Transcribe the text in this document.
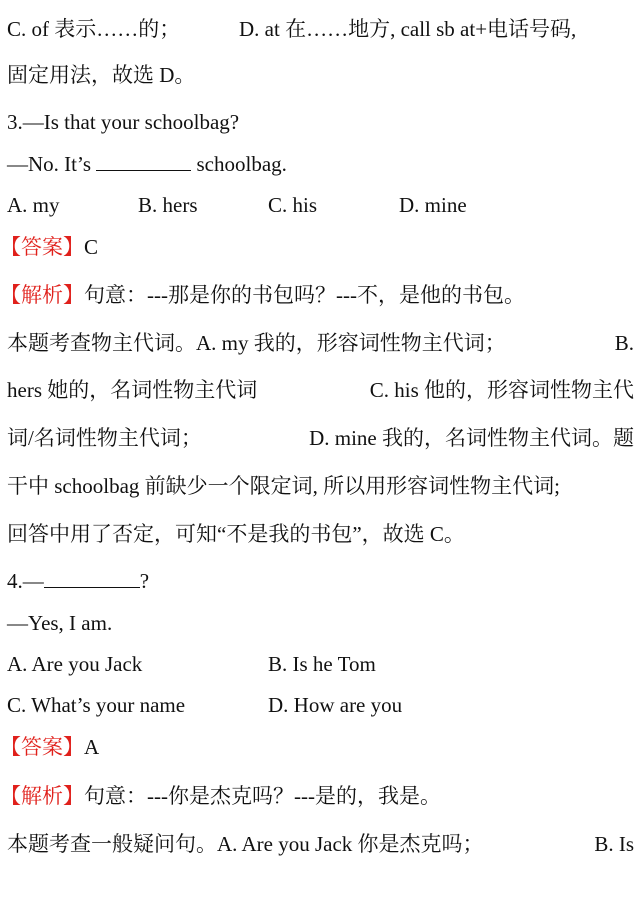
C. of 表示……的；	D. at 在……地方, call sb at+电话号码,
固定用法，故选 D。
3.—Is that your schoolbag?
—No. It’s	schoolbag.
A. my	B. hers	C. his	D. mine
【答案】C
【解析】句意：---那是你的书包吗？---不，是他的书包。
本题考查物主代词。A. my 我的，形容词性物主代词；	B.
hers 她的，名词性物主代词	C. his 他的，形容词性物主代
词/名词性物主代词；	D. mine 我的，名词性物主代词。题
干中 schoolbag 前缺少一个限定词, 所以用形容词性物主代词;
回答中用了否定，可知“不是我的书包”，故选 C。
4.—	?
—Yes, I am.
A. Are you Jack	B. Is he Tom
C. What’s your name	D. How are you
【答案】A
【解析】句意：---你是杰克吗？---是的，我是。
本题考查一般疑问句。A. Are you Jack 你是杰克吗；	B. Is
